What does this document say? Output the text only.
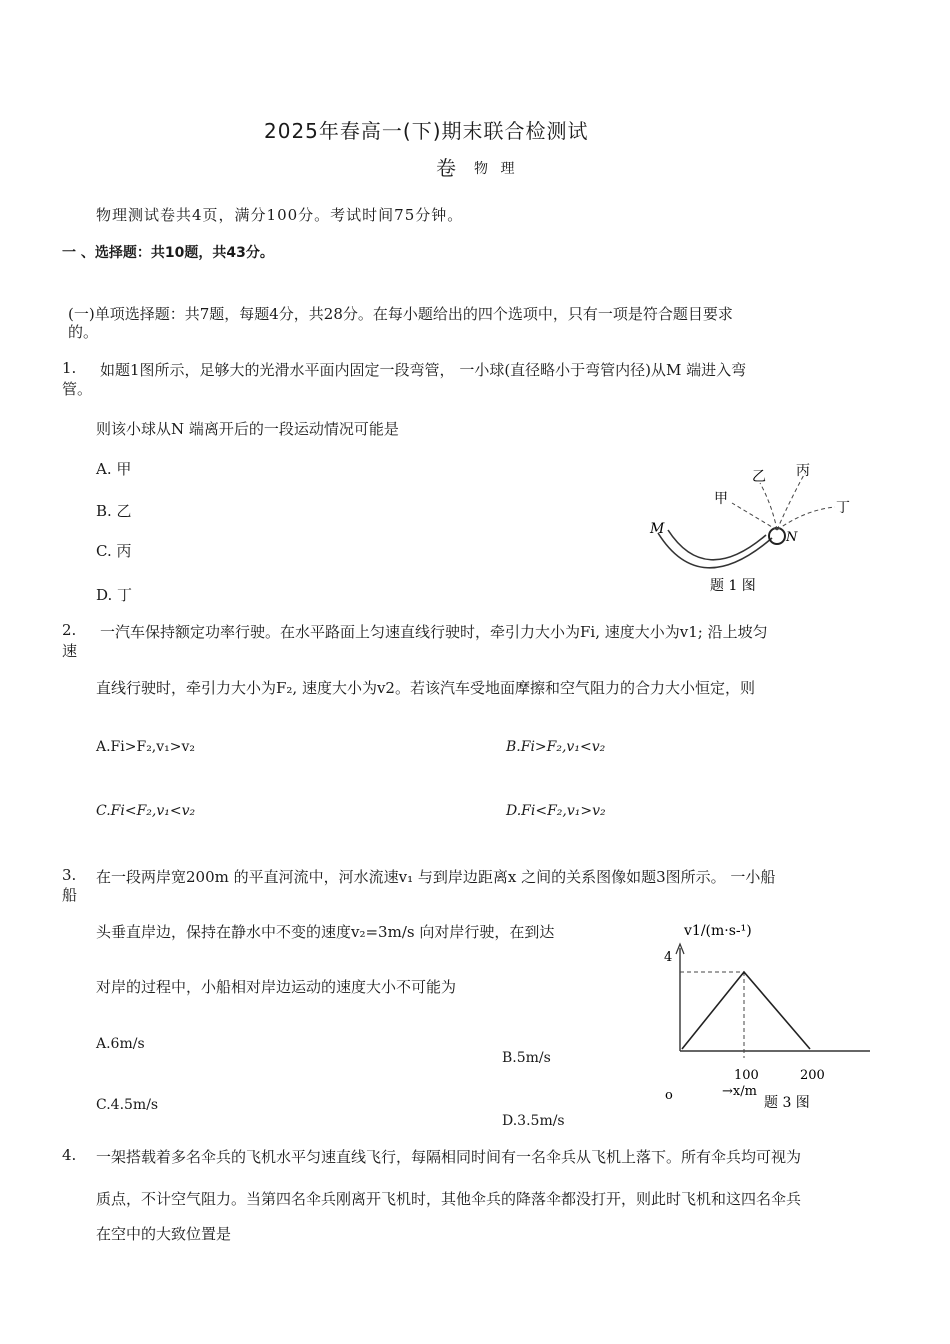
2025年春高一(下)期末联合检测试
卷 物 理
物理测试卷共4页，满分100分。考试时间75分钟。
一 、选择题：共10题，共43分。
(一)单项选择题：共7题，每题4分，共28分。在每小题给出的四个选项中，只有一项是符合题目要求
的。
1. 如题1图所示，足够大的光滑水平面内固定一段弯管， 一小球(直径略小于弯管内径)从M 端进入弯
管。
则该小球从N 端离开后的一段运动情况可能是
A. 甲
B. 乙
C. 丙
D. 丁
甲
乙 丙
丁
M
N
题 1 图
2. 一汽车保持额定功率行驶。在水平路面上匀速直线行驶时，牵引力大小为Fi, 速度大小为v1; 沿上坡匀
速
直线行驶时，牵引力大小为F₂, 速度大小为v2。若该汽车受地面摩擦和空气阻力的合力大小恒定，则
A.Fi>F₂,v₁>v₂	B.Fi>F₂,v₁<v₂
C.Fi<F₂,v₁<v₂	D.Fi<F₂,v₁>v₂
3. 在一段两岸宽200m 的平直河流中，河水流速v₁ 与到岸边距离x 之间的关系图像如题3图所示。 一小船
船
头垂直岸边，保持在静水中不变的速度v₂=3m/s 向对岸行驶，在到达
对岸的过程中，小船相对岸边运动的速度大小不可能为
A.6m/s
B.5m/s
C.4.5m/s
D.3.5m/s
v1/(m·s-¹)
4
100	200
o	→x/m
题 3 图
4. 一架搭载着多名伞兵的飞机水平匀速直线飞行，每隔相同时间有一名伞兵从飞机上落下。所有伞兵均可视为
质点，不计空气阻力。当第四名伞兵刚离开飞机时，其他伞兵的降落伞都没打开，则此时飞机和这四名伞兵
在空中的大致位置是
